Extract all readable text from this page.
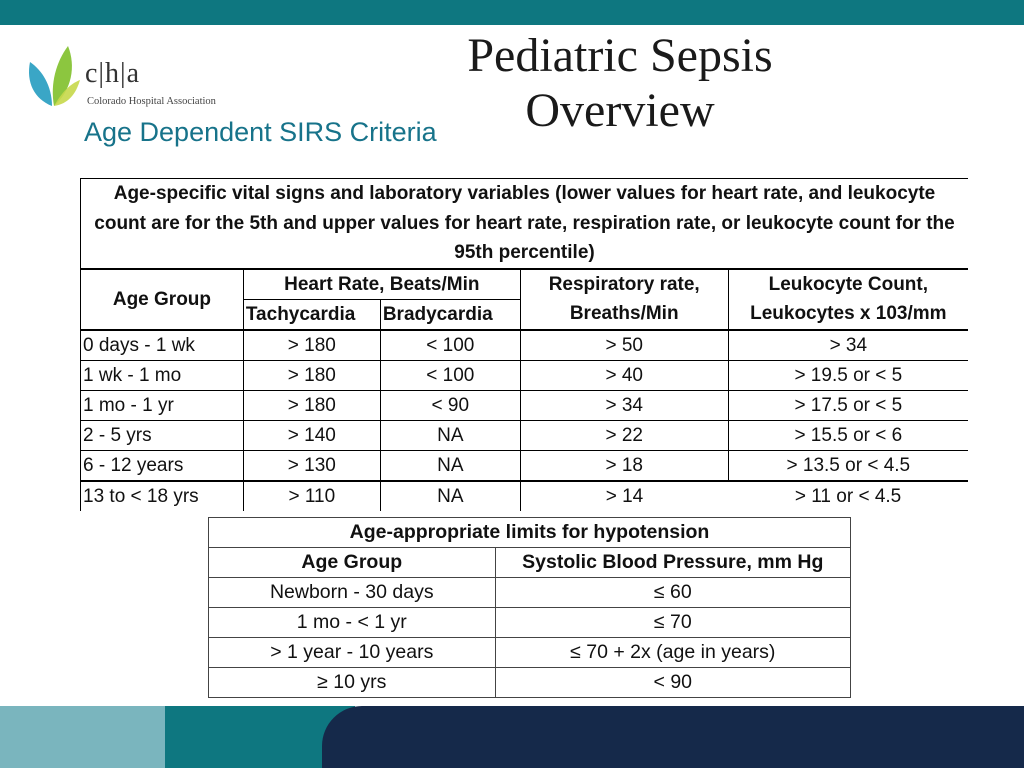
c|h|a
Colorado Hospital Association
Pediatric Sepsis Overview
Age Dependent SIRS Criteria
Age-specific vital signs and laboratory variables (lower values for heart rate, and leukocyte count are for the 5th and upper values for heart rate, respiration rate, or leukocyte count for the 95th percentile)				
Age Group	Heart Rate, Beats/Min		Respiratory rate, Breaths/Min	Leukocyte Count, Leukocytes x 103/mm
	Tachycardia	Bradycardia		
0 days - 1 wk	> 180	< 100	> 50	> 34
1 wk - 1 mo	> 180	< 100	> 40	> 19.5 or < 5
1 mo - 1 yr	> 180	< 90	> 34	> 17.5 or < 5
2 - 5 yrs	> 140	NA	> 22	> 15.5 or < 6
6 - 12 years	> 130	NA	> 18	> 13.5 or < 4.5
13 to < 18 yrs	> 110	NA	> 14	> 11 or < 4.5
Age-appropriate limits for hypotension	
Age Group	Systolic Blood Pressure, mm Hg
Newborn - 30 days	≤ 60
1 mo - < 1 yr	≤ 70
> 1 year - 10 years	≤ 70 + 2x (age in years)
≥ 10 yrs	< 90
